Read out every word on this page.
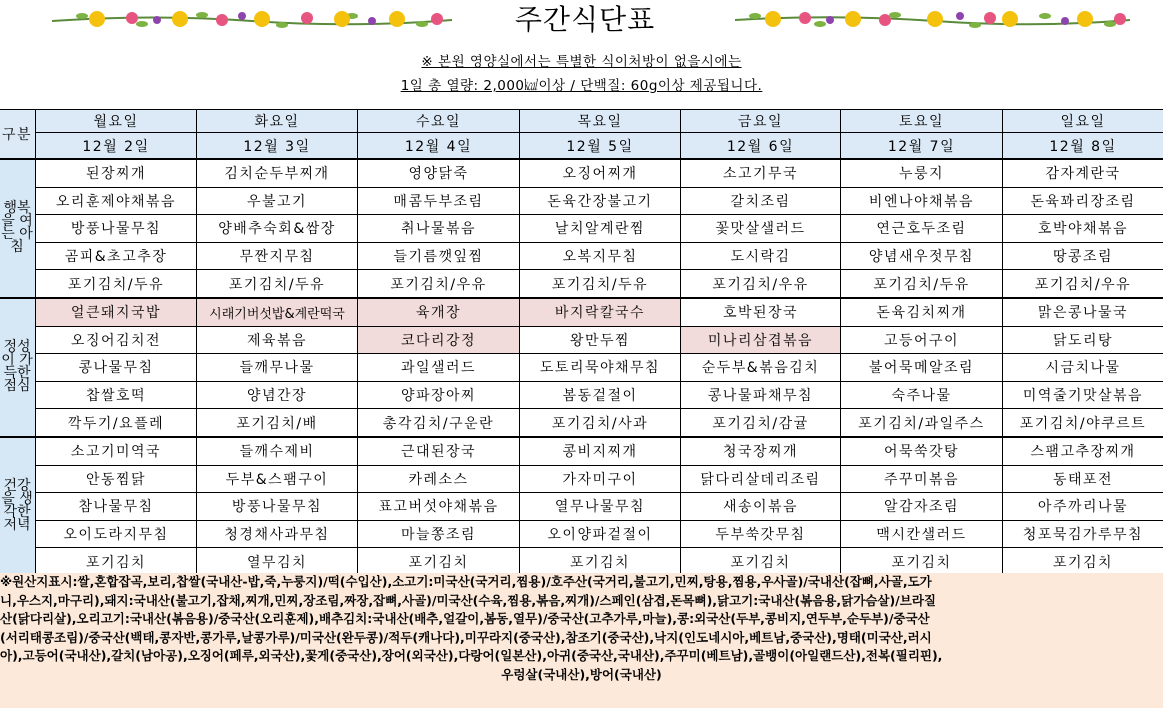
주간식단표
※ 본원 영양실에서는 특별한 식이처방이 없을시에는
1일 총 열량: 2,000㎉이상 / 단백질: 60g이상 제공됩니다.
구분	월요일	화요일	수요일	목요일	금요일	토요일	일요일
	12월 2일	12월 3일	12월 4일	12월 5일	12월 6일	12월 7일	12월 8일
행복을 여는 아침	된장찌개	김치순두부찌개	영양닭죽	오징어찌개	소고기무국	누룽지	감자계란국
	오리훈제야채볶음	우불고기	매콤두부조림	돈육간장불고기	갈치조림	비엔나야채볶음	돈육꽈리장조림
	방풍나물무침	양배추숙회&쌈장	취나물볶음	날치알계란찜	꽃맛살샐러드	연근호두조림	호박야채볶음
	곰피&초고추장	무짠지무침	들기름깻잎찜	오복지무침	도시락김	양념새우젓무침	땅콩조림
	포기김치/두유	포기김치/두유	포기김치/우유	포기김치/두유	포기김치/우유	포기김치/두유	포기김치/우유
정성이 가득한 점심	얼큰돼지국밥	시래기버섯밥&계란떡국	육개장	바지락칼국수	호박된장국	돈육김치찌개	맑은콩나물국
	오징어김치전	제육볶음	코다리강정	왕만두찜	미나리삼겹볶음	고등어구이	닭도리탕
	콩나물무침	들깨무나물	과일샐러드	도토리묵야채무침	순두부&볶음김치	불어묵메알조림	시금치나물
	찹쌀호떡	양념간장	양파장아찌	봄동겉절이	콩나물파채무침	숙주나물	미역줄기맛살볶음
	깍두기/요플레	포기김치/배	총각김치/구운란	포기김치/사과	포기김치/감귤	포기김치/과일주스	포기김치/야쿠르트
건강을 생각한 저녁	소고기미역국	들깨수제비	근대된장국	콩비지찌개	청국장찌개	어묵쑥갓탕	스팸고추장찌개
	안동찜닭	두부&스팸구이	카레소스	가자미구이	닭다리살데리조림	주꾸미볶음	동태포전
	참나물무침	방풍나물무침	표고버섯야채볶음	열무나물무침	새송이볶음	알감자조림	아주까리나물
	오이도라지무침	청경채사과무침	마늘쫑조림	오이양파겉절이	두부쑥갓무침	맥시칸샐러드	청포묵김가루무침
	포기김치	열무김치	포기김치	포기김치	포기김치	포기김치	포기김치

※원산지표시:쌀,혼합잡곡,보리,찹쌀(국내산-밥,죽,누룽지)/떡(수입산),소고기:미국산(국거리,찜용)/호주산(국거리,불고기,민찌,탕용,찜용,우사골)/국내산(잡뼈,사골,도가

니,우스지,마구리),돼지:국내산(불고기,잡채,찌개,민찌,장조림,짜장,잡뼈,사골)/미국산(수육,찜용,볶음,찌개)/스페인(삼겹,돈목뼈),닭고기:국내산(볶음용,닭가슴살)/브라질

산(닭다리살),오리고기:국내산(볶음용)/중국산(오리훈제),배추김치:국내산(배추,얼갈이,봄동,열무)/중국산(고추가루,마늘),콩:외국산(두부,콩비지,연두부,순두부)/중국산

(서리태콩조림)/중국산(백태,콩자반,콩가루,날콩가루)/미국산(완두콩)/적두(캐나다),미꾸라지(중국산),참조기(중국산),낙지(인도네시아,베트남,중국산),명태(미국산,러시

아),고등어(국내산),갈치(남아공),오징어(페루,외국산),꽃게(중국산),장어(외국산),다랑어(일본산),아귀(중국산,국내산),주꾸미(베트남),골뱅이(아일랜드산),전복(필리핀),

우렁살(국내산),방어(국내산)
